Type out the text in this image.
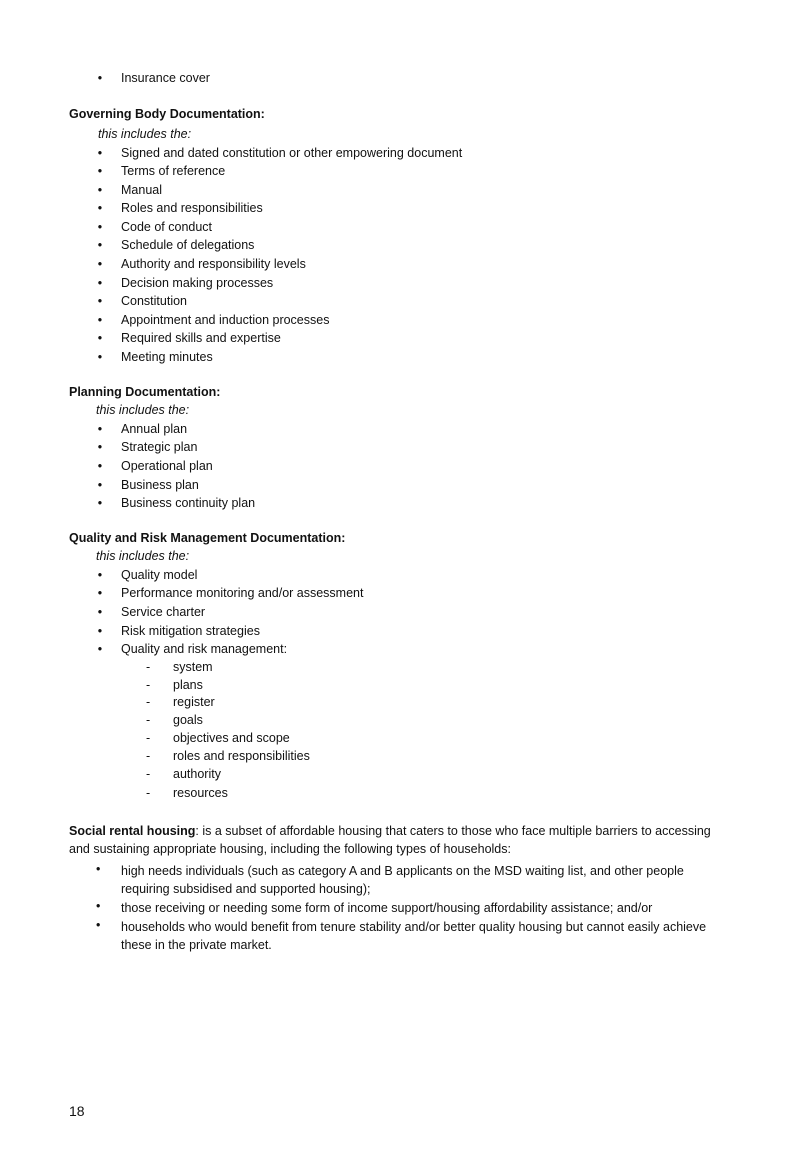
• Insurance cover
Governing Body Documentation:
this includes the:
• Signed and dated constitution or other empowering document
• Terms of reference
• Manual
• Roles and responsibilities
• Code of conduct
• Schedule of delegations
• Authority and responsibility levels
• Decision making processes
• Constitution
• Appointment and induction processes
• Required skills and expertise
• Meeting minutes
Planning Documentation:
this includes the:
• Annual plan
• Strategic plan
• Operational plan
• Business plan
• Business continuity plan
Quality and Risk Management Documentation:
this includes the:
• Quality model
• Performance monitoring and/or assessment
• Service charter
• Risk mitigation strategies
• Quality and risk management:
- system
- plans
- register
- goals
- objectives and scope
- roles and responsibilities
- authority
- resources
Social rental housing: is a subset of affordable housing that caters to those who face multiple barriers to accessing and sustaining appropriate housing, including the following types of households:
• high needs individuals (such as category A and B applicants on the MSD waiting list, and other people requiring subsidised and supported housing);
• those receiving or needing some form of income support/housing affordability assistance; and/or
• households who would benefit from tenure stability and/or better quality housing but cannot easily achieve these in the private market.
18
